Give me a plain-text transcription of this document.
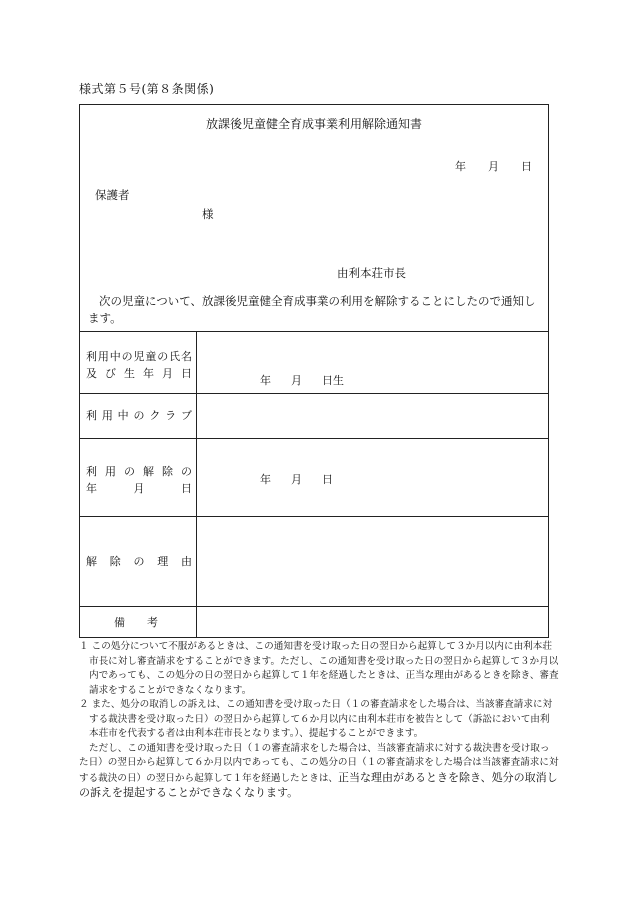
様式第５号(第８条関係)
放課後児童健全育成事業利用解除通知書
年 月 日
保護者
様
由利本荘市長
次の児童について、放課後児童健全育成事業の利用を解除することにしたので通知します。
利 用 中 の 児 童 の 氏 名
及 び 生 年 月 日
年 月 日生
利 用 中 の ク ラ ブ
利 用 の 解 除 の
年	月	日
年 月 日
解 除 の 理 由
備 考

１ この処分について不服があるときは、この通知書を受け取った日の翌日から起算して３か月以内に由利本荘市長に対し審査請求をすることができます。ただし、この通知書を受け取った日の翌日から起算して３か月以内であっても、この処分の日の翌日から起算して１年を経過したときは、正当な理由があるときを除き、審査請求をすることができなくなります。

２ また、処分の取消しの訴えは、この通知書を受け取った日（１の審査請求をした場合は、当該審査請求に対する裁決書を受け取った日）の翌日から起算して６か月以内に由利本荘市を被告として（訴訟において由利本荘市を代表する者は由利本荘市長となります。）、提起することができます。

ただし、この通知書を受け取った日（１の審査請求をした場合は、当該審査請求に対する裁決書を受け取った日）の翌日から起算して６か月以内であっても、この処分の日（１の審査請求をした場合は当該審査請求に対する裁決の日）の翌日から起算して１年を経過したときは、正当な理由があるときを除き、処分の取消しの訴えを提起することができなくなります。
